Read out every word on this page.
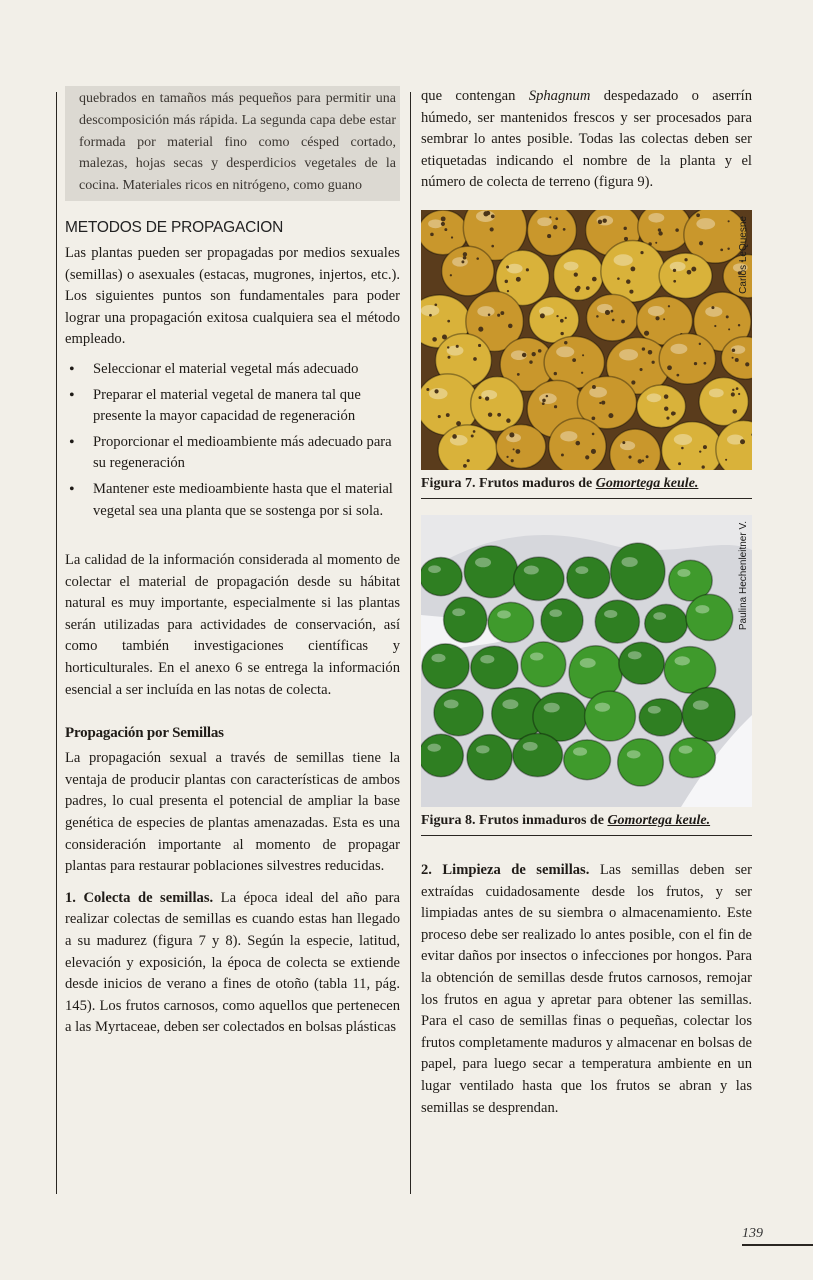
quebrados en tamaños más pequeños para permitir una descomposición más rápida. La segunda capa debe estar formada por material fino como césped cortado, malezas, hojas secas y desperdicios vegetales de la cocina. Materiales ricos en nitrógeno, como guano

METODOS DE PROPAGACION

Las plantas pueden ser propagadas por medios sexuales (semillas) o asexuales (estacas, mugrones, injertos, etc.). Los siguientes puntos son fundamentales para poder lograr una propagación exitosa cualquiera sea el método empleado.

• Seleccionar el material vegetal más adecuado
• Preparar el material vegetal de manera tal que presente la mayor capacidad de regeneración
• Proporcionar el medioambiente más adecuado para su regeneración
• Mantener este medioambiente hasta que el material vegetal sea una planta que se sostenga por si sola.

La calidad de la información considerada al momento de colectar el material de propagación desde su hábitat natural es muy importante, especialmente si las plantas serán utilizadas para actividades de conservación, así como también investigaciones científicas y horticulturales. En el anexo 6 se entrega la información esencial a ser incluída en las notas de colecta.

Propagación por Semillas

La propagación sexual a través de semillas tiene la ventaja de producir plantas con características de ambos padres, lo cual presenta el potencial de ampliar la base genética de especies de plantas amenazadas. Esta es una consideración importante al momento de propagar plantas para restaurar poblaciones silvestres reducidas.

1. Colecta de semillas. La época ideal del año para realizar colectas de semillas es cuando estas han llegado a su madurez (figura 7 y 8). Según la especie, latitud, elevación y exposición, la época de colecta se extiende desde inicios de verano a fines de otoño (tabla 11, pág. 145). Los frutos carnosos, como aquellos que pertenecen a las Myrtaceae, deben ser colectados en bolsas plásticas

que contengan Sphagnum despedazado o aserrín húmedo, ser mantenidos frescos y ser procesados para sembrar lo antes posible. Todas las colectas deben ser etiquetadas indicando el nombre de la planta y el número de colecta de terreno (figura 9).

Carlos LeQuesne
Figura 7. Frutos maduros de Gomortega keule.
Paulina Hechenleitner V.
Figura 8. Frutos inmaduros de Gomortega keule.

2. Limpieza de semillas. Las semillas deben ser extraídas cuidadosamente desde los frutos, y ser limpiadas antes de su siembra o almacenamiento. Este proceso debe ser realizado lo antes posible, con el fin de evitar daños por insectos o infecciones por hongos. Para la obtención de semillas desde frutos carnosos, remojar los frutos en agua y apretar para obtener las semillas. Para el caso de semillas finas o pequeñas, colectar los frutos completamente maduros y almacenar en bolsas de papel, para luego secar a temperatura ambiente en un lugar ventilado hasta que los frutos se abran y las semillas se desprendan.

139
